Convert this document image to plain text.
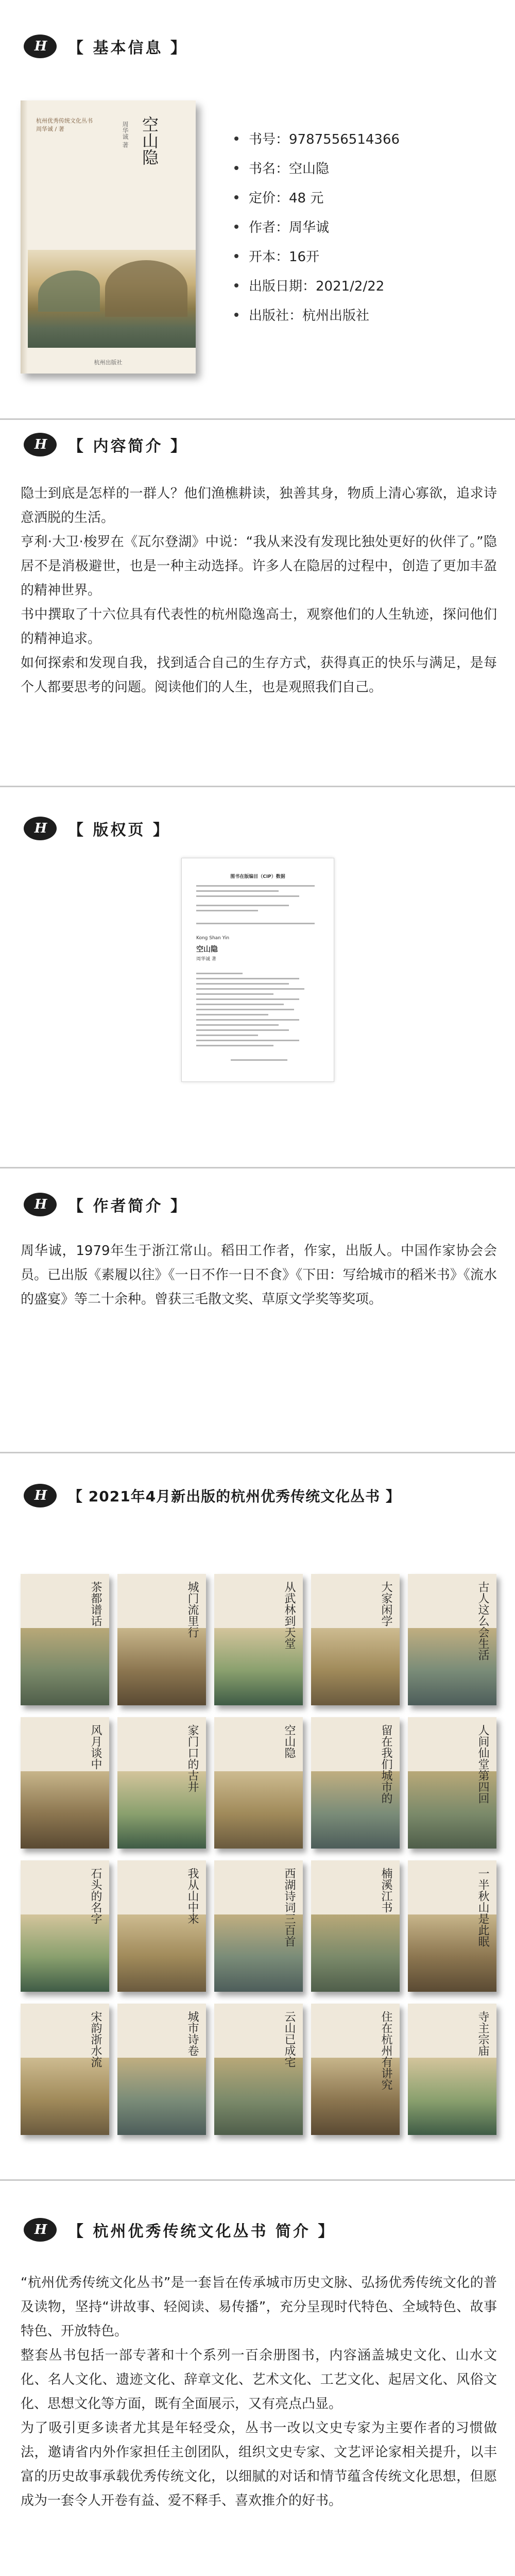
H 【 基本信息 】
杭州优秀传统文化丛书
周华诚 / 著	空山隐
周华诚 著
杭州出版社
书号：9787556514366
书名：空山隐
定价：48 元
作者：周华诚
开本：16开
出版日期：2021/2/22
出版社：杭州出版社
H 【 内容简介 】

隐士到底是怎样的一群人？他们渔樵耕读，独善其身，物质上清心寡欲，追求诗意洒脱的生活。

亨利·大卫·梭罗在《瓦尔登湖》中说：“我从来没有发现比独处更好的伙伴了。”隐居不是消极避世，也是一种主动选择。许多人在隐居的过程中，创造了更加丰盈的精神世界。

书中撰取了十六位具有代表性的杭州隐逸高士，观察他们的人生轨迹，探问他们的精神追求。

如何探索和发现自我，找到适合自己的生存方式，获得真正的快乐与满足，是每个人都要思考的问题。阅读他们的人生，也是观照我们自己。

H 【 版权页 】
图书在版编目（CIP）数据
Kong Shan Yin
空山隐
周华诚 著
H 【 作者简介 】
周华诚，1979年生于浙江常山。稻田工作者，作家，出版人。中国作家协会会员。已出版《素履以往》《一日不作一日不食》《下田：写给城市的稻米书》《流水的盛宴》等二十余种。曾获三毛散文奖、草原文学奖等奖项。
H 【 2021年4月新出版的杭州优秀传统文化丛书 】
茶都谱话	城门流里行	从武林到天堂	大家闲学	古人这么会生活
风月谈中	家门口的古井	空山隐	留在我们城市的	人间仙堂第四回
石头的名字	我从山中来	西湖诗词三百首	楠溪江书	一半秋山是此眠
宋韵浙水流	城市诗卷	云山已成宅	住在杭州有讲究	寺主宗庙
H 【 杭州优秀传统文化丛书 简介 】

“杭州优秀传统文化丛书”是一套旨在传承城市历史文脉、弘扬优秀传统文化的普及读物，坚持“讲故事、轻阅读、易传播”，充分呈现时代特色、全域特色、故事特色、开放特色。

整套丛书包括一部专著和十个系列一百余册图书，内容涵盖城史文化、山水文化、名人文化、遗迹文化、辞章文化、艺术文化、工艺文化、起居文化、风俗文化、思想文化等方面，既有全面展示，又有亮点凸显。

为了吸引更多读者尤其是年轻受众，丛书一改以文史专家为主要作者的习惯做法，邀请省内外作家担任主创团队，组织文史专家、文艺评论家相关提升，以丰富的历史故事承载优秀传统文化，以细腻的对话和情节蕴含传统文化思想，但愿成为一套令人开卷有益、爱不释手、喜欢推介的好书。
